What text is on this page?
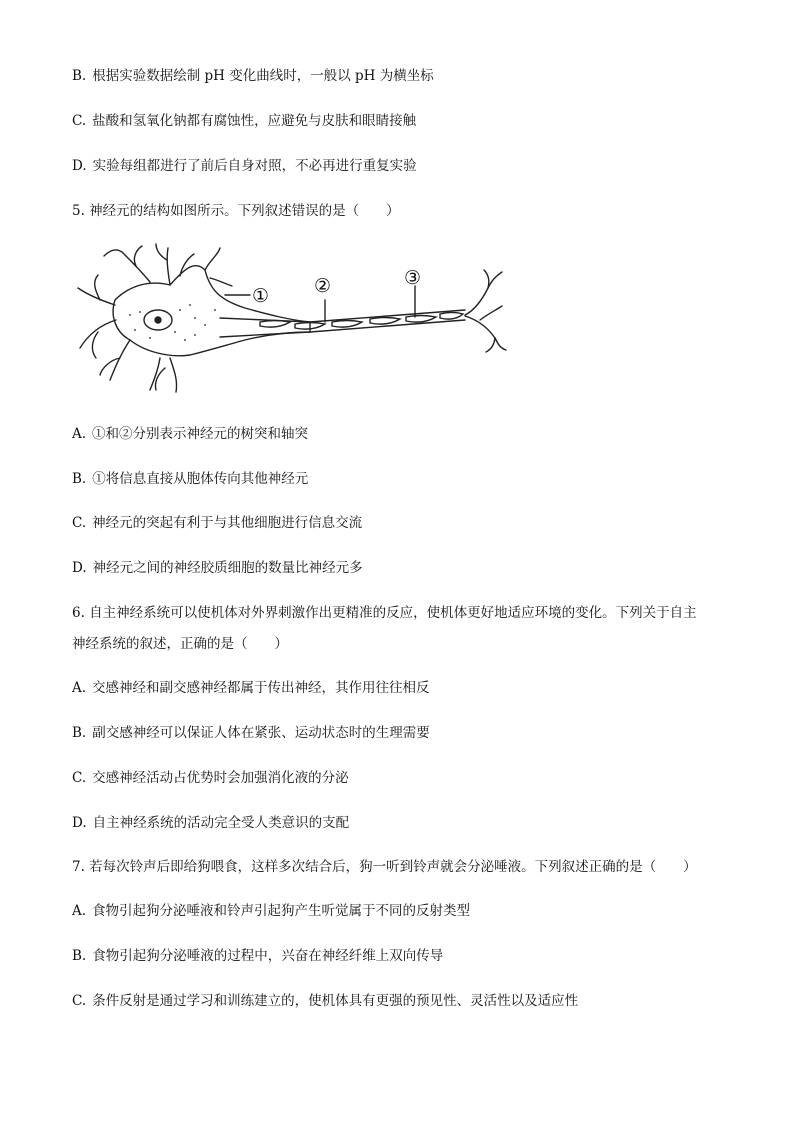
B. 根据实验数据绘制 pH 变化曲线时，一般以 pH 为横坐标
C. 盐酸和氢氧化钠都有腐蚀性，应避免与皮肤和眼睛接触
D. 实验每组都进行了前后自身对照，不必再进行重复实验
5. 神经元的结构如图所示。下列叙述错误的是（　　）
① ②	③
A. ①和②分别表示神经元的树突和轴突
B. ①将信息直接从胞体传向其他神经元
C. 神经元的突起有利于与其他细胞进行信息交流
D. 神经元之间的神经胶质细胞的数量比神经元多
6. 自主神经系统可以使机体对外界刺激作出更精准的反应，使机体更好地适应环境的变化。下列关于自主
神经系统的叙述，正确的是（　　）
A. 交感神经和副交感神经都属于传出神经，其作用往往相反
B. 副交感神经可以保证人体在紧张、运动状态时的生理需要
C. 交感神经活动占优势时会加强消化液的分泌
D. 自主神经系统的活动完全受人类意识的支配
7. 若每次铃声后即给狗喂食，这样多次结合后，狗一听到铃声就会分泌唾液。下列叙述正确的是（　　）
A. 食物引起狗分泌唾液和铃声引起狗产生听觉属于不同的反射类型
B. 食物引起狗分泌唾液的过程中，兴奋在神经纤维上双向传导
C. 条件反射是通过学习和训练建立的，使机体具有更强的预见性、灵活性以及适应性
